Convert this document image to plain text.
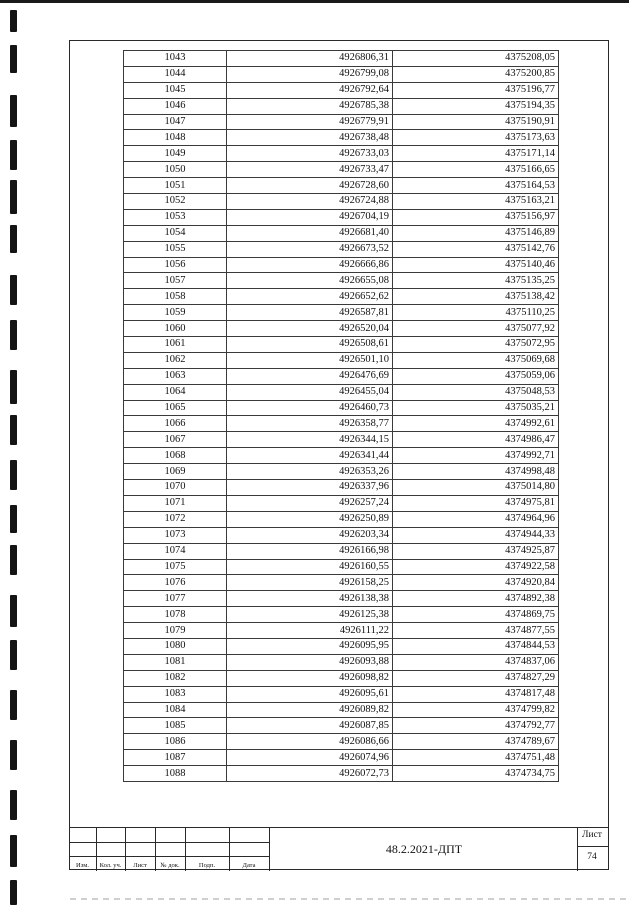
1043	4926806,31	4375208,05
1044	4926799,08	4375200,85
1045	4926792,64	4375196,77
1046	4926785,38	4375194,35
1047	4926779,91	4375190,91
1048	4926738,48	4375173,63
1049	4926733,03	4375171,14
1050	4926733,47	4375166,65
1051	4926728,60	4375164,53
1052	4926724,88	4375163,21
1053	4926704,19	4375156,97
1054	4926681,40	4375146,89
1055	4926673,52	4375142,76
1056	4926666,86	4375140,46
1057	4926655,08	4375135,25
1058	4926652,62	4375138,42
1059	4926587,81	4375110,25
1060	4926520,04	4375077,92
1061	4926508,61	4375072,95
1062	4926501,10	4375069,68
1063	4926476,69	4375059,06
1064	4926455,04	4375048,53
1065	4926460,73	4375035,21
1066	4926358,77	4374992,61
1067	4926344,15	4374986,47
1068	4926341,44	4374992,71
1069	4926353,26	4374998,48
1070	4926337,96	4375014,80
1071	4926257,24	4374975,81
1072	4926250,89	4374964,96
1073	4926203,34	4374944,33
1074	4926166,98	4374925,87
1075	4926160,55	4374922,58
1076	4926158,25	4374920,84
1077	4926138,38	4374892,38
1078	4926125,38	4374869,75
1079	4926111,22	4374877,55
1080	4926095,95	4374844,53
1081	4926093,88	4374837,06
1082	4926098,82	4374827,29
1083	4926095,61	4374817,48
1084	4926089,82	4374799,82
1085	4926087,85	4374792,77
1086	4926086,66	4374789,67
1087	4926074,96	4374751,48
1088	4926072,73	4374734,75
Изм.	Кол. уч.	Лист	№ док.	Подп.	Дата
48.2.2021-ДПТ
Лист
74
